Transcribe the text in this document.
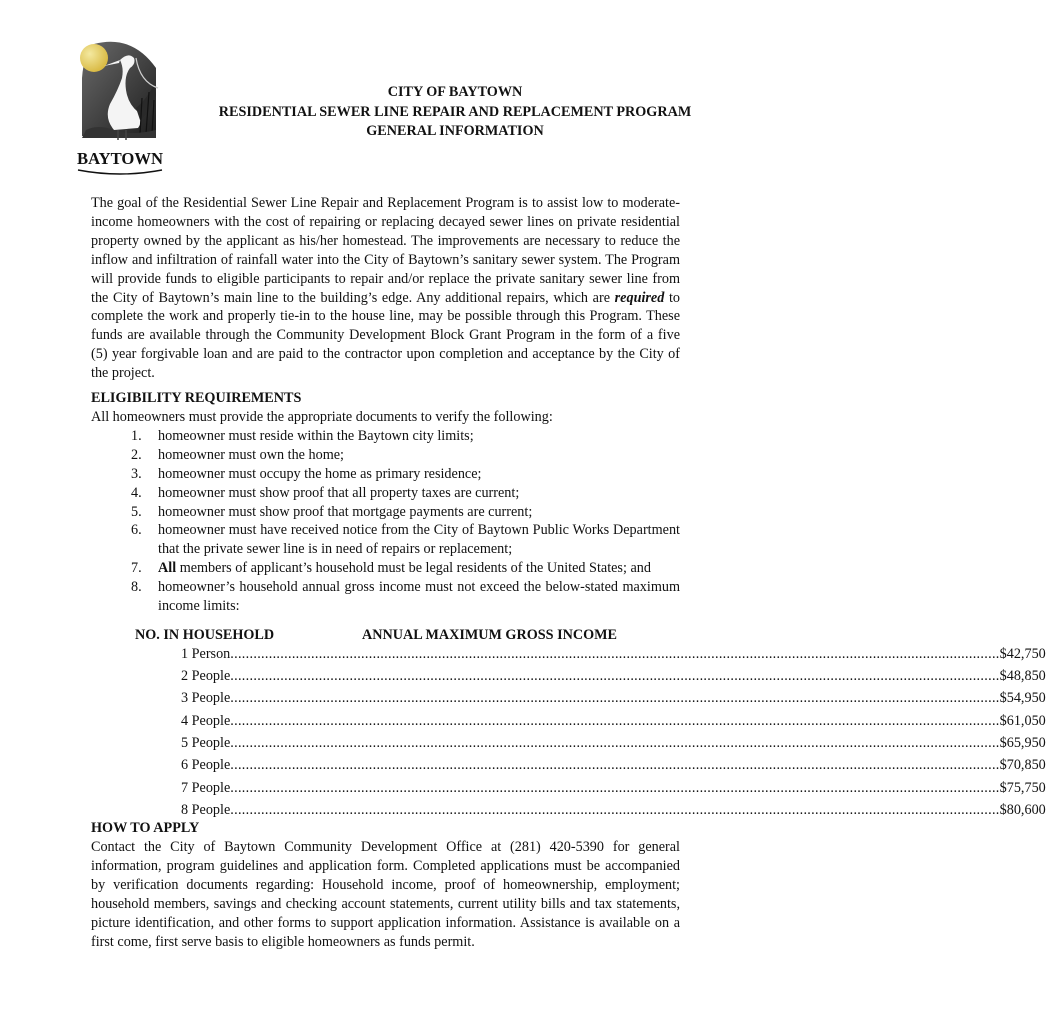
BAYTOWN
CITY OF BAYTOWN
RESIDENTIAL SEWER LINE REPAIR AND REPLACEMENT PROGRAM
GENERAL INFORMATION

The goal of the Residential Sewer Line Repair and Replacement Program is to assist low to moderate-income homeowners with the cost of repairing or replacing decayed sewer lines on private residential property owned by the applicant as his/her homestead. The improvements are necessary to reduce the inflow and infiltration of rainfall water into the City of Baytown’s sanitary sewer system. The Program will provide funds to eligible participants to repair and/or replace the private sanitary sewer line from the City of Baytown’s main line to the building’s edge. Any additional repairs, which are required to complete the work and properly tie-in to the house line, may be possible through this Program. These funds are available through the Community Development Block Grant Program in the form of a five (5) year forgivable loan and are paid to the contractor upon completion and acceptance by the City of the project.

ELIGIBILITY REQUIREMENTS

All homeowners must provide the appropriate documents to verify the following:

1.	homeowner must reside within the Baytown city limits;
2.	homeowner must own the home;
3.	homeowner must occupy the home as primary residence;
4.	homeowner must show proof that all property taxes are current;
5.	homeowner must show proof that mortgage payments are current;
6.	homeowner must have received notice from the City of Baytown Public Works Department that the private sewer line is in need of repairs or replacement;
7.	All members of applicant’s household must be legal residents of the United States; and
8.	homeowner’s household annual gross income must not exceed the below-stated maximum income limits:
NO. IN HOUSEHOLD	ANNUAL MAXIMUM GROSS INCOME
1 Person ........................................................................................................................................................................................................ $42,750
2 People ........................................................................................................................................................................................................ $48,850
3 People ........................................................................................................................................................................................................ $54,950
4 People ........................................................................................................................................................................................................ $61,050
5 People ........................................................................................................................................................................................................ $65,950
6 People ........................................................................................................................................................................................................ $70,850
7 People ........................................................................................................................................................................................................ $75,750
8 People ........................................................................................................................................................................................................ $80,600
HOW TO APPLY

Contact the City of Baytown Community Development Office at (281) 420-5390 for general information, program guidelines and application form. Completed applications must be accompanied by verification documents regarding: Household income, proof of homeownership, employment; household members, savings and checking account statements, current utility bills and tax statements, picture identification, and other forms to support application information. Assistance is available on a first come, first serve basis to eligible homeowners as funds permit.
